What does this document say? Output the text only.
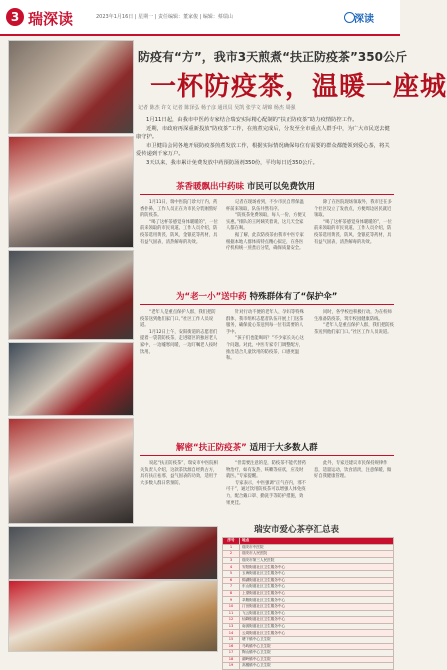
3 瑞深读	2023年1月16日 | 星期一 | 责任编辑：董家俊 | 编辑：蔡瑞山	深读
防疫有“方”，我市3天煎煮“扶正防疫茶”350公斤
一杯防疫茶，温暖一座城
记者 陈杰 许文 记者 陈泽弘 杨子彦 通讯员 吴凯 张学文 胡锦 杨杰 周强

1月11日起，由我市中医药专家结合瑞安实际精心配制的“扶正防疫茶”助力疫情防控工作。

近期，市政府再深重新投放“防疫茶”工作，在煎煮完成后，分发至全市重点人群手中，为广大市民送去健康守护。

市卫健局会同各地开展防疫茶煎煮发放工作，根据实际情况确保每位有需要的群众都能领到爱心茶，将关爱传递到千家万户。

3天以来，我市累计免费发放中药预防汤剂350份，平均每日近350公斤。

茶香暖飘出中药味 市民可以免费饮用

1月11日，瑞中医院门诊大厅内，药香扑鼻，工作人员正在为市民分装刚熬好的防疫茶。

“喝了这杯茶感觉身体暖暖的”，一位前来领取的市民说道。工作人员介绍，防疫茶选用黄芪、防风、金银花等药材，具有益气固表、清热解毒的功效。

记者在现场看到，不少市民自带保温杯前来领取，队伍井然有序。

“防疫茶免费领取，每人一份，方便又实惠。”排队的王阿姨笑着说，这几天全家人都在喝。

据了解，此次防疫茶由我市中医专家根据本地人群体质特点精心拟定，在各医疗机构统一煎煮后分装，确保质量安全。

除了在医院现场领取外，我市还在多个社区设立了发放点，方便周边居民就近领取。

“喝了这杯茶感觉身体暖暖的”，一位前来领取的市民说道。工作人员介绍，防疫茶选用黄芪、防风、金银花等药材，具有益气固表、清热解毒的功效。

为“老一小”送中药 特殊群体有了“保护伞”

“老年人是重点保护人群，我们把防疫茶送到他们家门口。”社区工作人员说道。

1月12日上午，安阳街道的志愿者们提着一袋袋防疫茶，走进辖区的独居老人家中，一边嘘寒问暖，一边叮嘱老人按时饮用。

针对行动不便的老年人、孕妇等特殊群体，我市组织志愿者队伍开展上门送茶服务，确保爱心茶送到每一位有需要的人手中。

“孩子们也能喝吗？”不少家长关心这个问题。对此，中医专家专门调整配方，推出适合儿童饮用的防疫茶，口感更温和。

同时，各学校也积极行动，为在校师生准备防疫茶，筑牢校园健康防线。

“老年人是重点保护人群，我们把防疫茶送到他们家门口。”社区工作人员说道。

解密“扶正防疫茶” 适用于大多数人群

说起“扶正防疫茶”，瑞安市中医院相关负责人介绍，这款茶饮源自经典古方，具有扶正祛邪、益气固表的功效，适用于大多数人群日常预防。

“但需要注意的是，防疫茶不能代替药物治疗，如有发热、咳嗽等症状，应及时就医。”专家提醒。

专家表示，中医强调“正气存内，邪不可干”，通过饮用防疫茶可以增强人体免疫力，配合戴口罩、勤洗手等防护措施，效果更佳。

此外，专家还建议市民保持规律作息，适量运动，饮食清淡，注意保暖，做好自我健康管理。

瑞安市爱心茶亭汇总表
序号	地点
1	瑞安市中医院
2	瑞安市人民医院
3	瑞安市第三人民医院
4	安阳街道社区卫生服务中心
5	玉海街道社区卫生服务中心
6	锦湖街道社区卫生服务中心
7	东山街道社区卫生服务中心
8	上望街道社区卫生服务中心
9	莘塍街道社区卫生服务中心
10	汀田街道社区卫生服务中心
11	飞云街道社区卫生服务中心
12	仙降街道社区卫生服务中心
13	南滨街道社区卫生服务中心
14	云周街道社区卫生服务中心
15	塘下镇中心卫生院
16	马屿镇中心卫生院
17	陶山镇中心卫生院
18	湖岭镇中心卫生院
19	高楼镇中心卫生院
